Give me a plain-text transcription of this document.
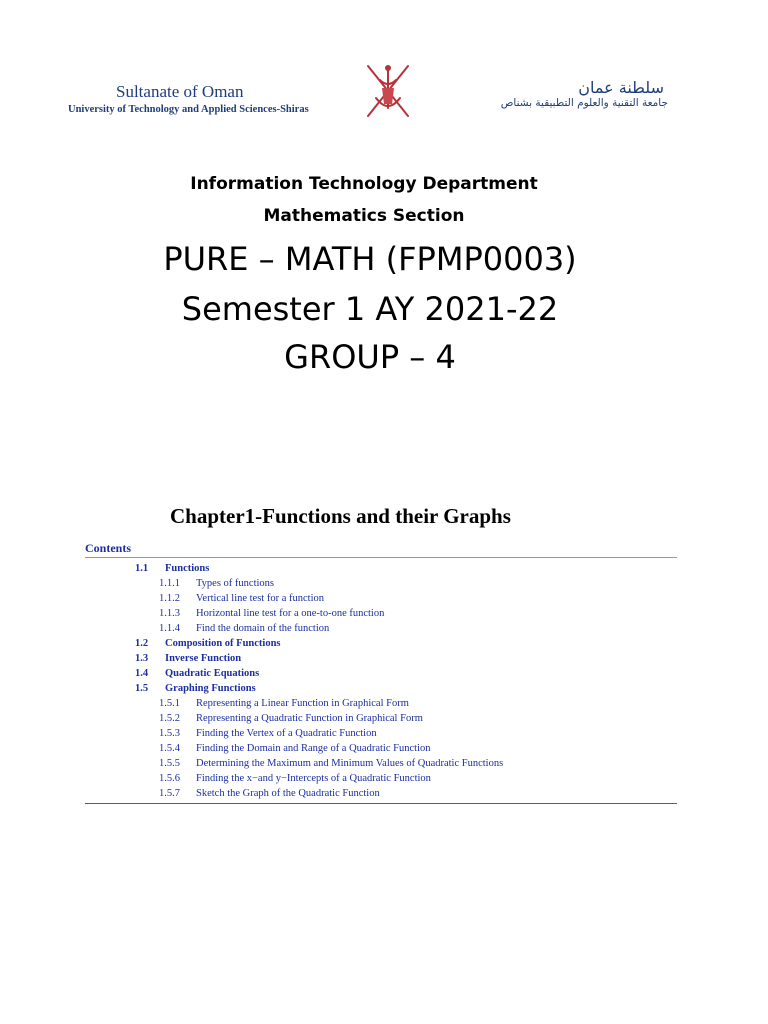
Sultanate of Oman
University of Technology and Applied Sciences-Shiras
سلطنة عمان
جامعة التقنية والعلوم التطبيقية بشناص
Information Technology Department
Mathematics Section
PURE – MATH (FPMP0003)
Semester 1 AY 2021-22
GROUP – 4
Chapter1-Functions and their Graphs
Contents
1.1 Functions
1.1.1 Types of functions
1.1.2 Vertical line test for a function
1.1.3 Horizontal line test for a one-to-one function
1.1.4 Find the domain of the function
1.2 Composition of Functions
1.3 Inverse Function
1.4 Quadratic Equations
1.5 Graphing Functions
1.5.1 Representing a Linear Function in Graphical Form
1.5.2 Representing a Quadratic Function in Graphical Form
1.5.3 Finding the Vertex of a Quadratic Function
1.5.4 Finding the Domain and Range of a Quadratic Function
1.5.5 Determining the Maximum and Minimum Values of Quadratic Functions
1.5.6 Finding the x−and y−Intercepts of a Quadratic Function
1.5.7 Sketch the Graph of the Quadratic Function
